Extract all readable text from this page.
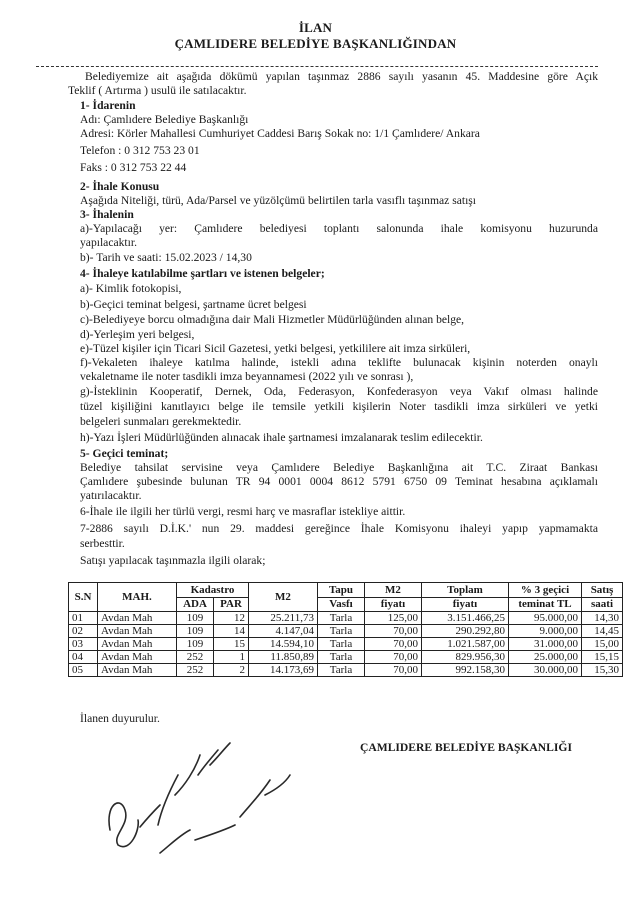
İLAN
ÇAMLIDERE BELEDİYE BAŞKANLIĞINDAN
Belediyemize ait aşağıda dökümü yapılan taşınmaz 2886 sayılı yasanın 45. Maddesine göre Açık
Teklif ( Artırma ) usulü ile satılacaktır.
1- İdarenin
Adı: Çamlıdere Belediye Başkanlığı
Adresi: Körler Mahallesi Cumhuriyet Caddesi Barış Sokak no: 1/1 Çamlıdere/ Ankara
Telefon : 0 312 753 23 01
Faks : 0 312 753 22 44
2- İhale Konusu
Aşağıda Niteliği, türü, Ada/Parsel ve yüzölçümü belirtilen tarla vasıflı taşınmaz satışı
3- İhalenin
a)-Yapılacağı yer: Çamlıdere belediyesi toplantı salonunda ihale komisyonu huzurunda
yapılacaktır.
b)- Tarih ve saati: 15.02.2023 / 14,30
4- İhaleye katılabilme şartları ve istenen belgeler;
a)- Kimlik fotokopisi,
b)-Geçici teminat belgesi, şartname ücret belgesi
c)-Belediyeye borcu olmadığına dair Mali Hizmetler Müdürlüğünden alınan belge,
d)-Yerleşim yeri belgesi,
e)-Tüzel kişiler için Ticari Sicil Gazetesi, yetki belgesi, yetkililere ait imza sirküleri,
f)-Vekaleten ihaleye katılma halinde, istekli adına teklifte bulunacak kişinin noterden onaylı
vekaletname ile noter tasdikli imza beyannamesi (2022 yılı ve sonrası ),
g)-İsteklinin Kooperatif, Dernek, Oda, Federasyon, Konfederasyon veya Vakıf olması halinde
tüzel kişiliğini kanıtlayıcı belge ile temsile yetkili kişilerin Noter tasdikli imza sirküleri ve yetki
belgeleri sunmaları gerekmektedir.
h)-Yazı İşleri Müdürlüğünden alınacak ihale şartnamesi imzalanarak teslim edilecektir.
5- Geçici teminat;
Belediye tahsilat servisine veya Çamlıdere Belediye Başkanlığına ait T.C. Ziraat Bankası
Çamlıdere şubesinde bulunan TR 94 0001 0004 8612 5791 6750 09 Teminat hesabına açıklamalı
yatırılacaktır.
6-İhale ile ilgili her türlü vergi, resmi harç ve masraflar istekliye aittir.
7-2886 sayılı D.İ.K.' nun 29. maddesi gereğince İhale Komisyonu ihaleyi yapıp yapmamakta
serbesttir.
Satışı yapılacak taşınmazla ilgili olarak;
S.N	MAH.	Kadastro		M2	Tapu	M2	Toplam	% 3 geçici	Satış
		ADA	PAR		Vasfı	fiyatı	fiyatı	teminat TL	saati
01	Avdan Mah	109	12	25.211,73	Tarla	125,00	3.151.466,25	95.000,00	14,30
02	Avdan Mah	109	14	4.147,04	Tarla	70,00	290.292,80	9.000,00	14,45
03	Avdan Mah	109	15	14.594,10	Tarla	70,00	1.021.587,00	31.000,00	15,00
04	Avdan Mah	252	1	11.850,89	Tarla	70,00	829.956,30	25.000,00	15,15
05	Avdan Mah	252	2	14.173,69	Tarla	70,00	992.158,30	30.000,00	15,30
İlanen duyurulur.
ÇAMLIDERE BELEDİYE BAŞKANLIĞI
